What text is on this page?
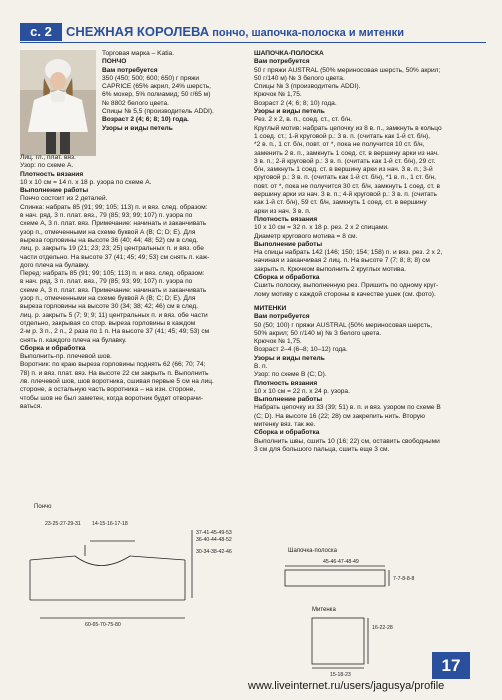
с. 2	СНЕЖНАЯ КОРОЛЕВА пончо, шапочка-полоска и митенки

Торговая марка – Katia.

ПОНЧО

Вам потребуется

350 (450; 500; 600; 650) г пряжи

CAPRICE (65% акрил, 24% шерсть,

6% мохер, 5% полиамид; 50 г/65 м)

№ 8802 белого цвета.

Спицы № 5,5 (производитель ADDI).

Возраст 2 (4; 6; 8; 10) года.

Узоры и виды петель

Лиц. гл., плат. вяз.

Узор: по схеме А.

Плотность вязания

10 х 10 см = 14 п. х 18 р. узора по схеме А.

Выполнение работы

Пончо состоит из 2 деталей.

Спинка: набрать 85 (91; 99; 105; 113) п. и вяз. след. образом:

в нач. ряд. 3 п. плат. вяз., 79 (85; 93; 99; 107) п. узора по

схеме А, 3 п. плат. вяз. Примечание: начинать и заканчивать

узор п., отмеченными на схеме буквой А (В; С; D; E). Для

выреза горловины на высоте 36 (40; 44; 48; 52) см в след.

лиц. р. закрыть 19 (21; 23; 23; 25) центральных п. и вяз. обе

части отдельно. На высоте 37 (41; 45; 49; 53) см снять п. каж-

дого плеча на булавку.

Перед: набрать 85 (91; 99; 105; 113) п. и вяз. след. образом:

в нач. ряд. 3 п. плат. вяз., 79 (85; 93; 99; 107) п. узора по

схеме А, 3 п. плат. вяз. Примечание: начинать и заканчивать

узор п., отмеченными на схеме буквой А (В; С; D; E). Для

выреза горловины на высоте 30 (34; 38; 42; 46) см в след.

лиц. р. закрыть 5 (7; 9; 9; 11) центральных п. и вяз. обе части

отдельно, закрывая со стор. выреза горловины в каждом

2-м р. 3 п., 2 п., 2 раза по 1 п. На высоте 37 (41; 45; 49; 53) см

снять п. каждого плеча на булавку.

Сборка и обработка

Выполнить-пр. плечевой шов.

Воротник: по краю выреза горловины поднять 62 (66; 70; 74;

78) п. и вяз. плат. вяз. На высоте 22 см закрыть п. Выполнить

лв. плечевой шов, шов воротника, сшивая первые 5 см на лиц.

стороне, а остальную часть воротника – на изн. стороне,

чтобы шов не был заметен, когда воротник будет отворачи-

ваться.

ШАПОЧКА-ПОЛОСКА

Вам потребуется

50 г пряжи AUSTRAL (50% мериносовая шерсть, 50% акрил;

50 г/140 м) № 3 белого цвета.

Спицы № 3 (производитель ADDI).

Крючок № 1,75.

Возраст 2 (4; 6; 8; 10) года.

Узоры и виды петель

Рез. 2 х 2, в. п., соед. ст., ст. б/н.

Круглый мотив: набрать цепочку из 8 в. п., замкнуть в кольцо

1 соед. ст.; 1-й круговой р.: 3 в. п. (считать как 1-й ст. б/н),

*2 в. п., 1 ст. б/н, повт. от *, пока не получится 10 ст. б/н,

заменить 2 в. п., замкнуть 1 соед. ст. в вершину арки из нач.

3 в. п.; 2-й круговой р.: 3 в. п. (считать как 1-й ст. б/н), 29 ст.

б/н, замкнуть 1 соед. ст. в вершину арки из нач. 3 в. п.; 3-й

круговой р.: 3 в. п. (считать как 1-й ст. б/н), *1 в. п., 1 ст. б/н,

повт. от *, пока не получится 30 ст. б/н, замкнуть 1 соед. ст. в

вершину арки из нач. 3 в. п.; 4-й круговой р.: 3 в. п. (считать

как 1-й ст. б/н), 59 ст. б/н, замкнуть 1 соед. ст. в вершину

арки из нач. 3 в. п.

Плотность вязания

10 х 10 см = 32 п. х 18 р. рез. 2 х 2 спицами.

Диаметр кругового мотива = 8 см.

Выполнение работы

На спицы набрать 142 (146; 150; 154; 158) п. и вяз. рез. 2 х 2,

начиная и заканчивая 2 лиц. п. На высоте 7 (7; 8; 8; 8) см

закрыть п. Крючком выполнить 2 круглых мотива.

Сборка и обработка

Сшить полоску, выполненную рез. Пришить по одному круг-

лому мотиву с каждой стороны в качестве ушек (см. фото).

МИТЕНКИ

Вам потребуется

50 (50; 100) г пряжи AUSTRAL (50% мериносовая шерсть,

50% акрил; 50 г/140 м) № 3 белого цвета.

Крючок № 1,75.

Возраст 2–4 (6–8; 10–12) года.

Узоры и виды петель

В. п.

Узор: по схеме В (С; D).

Плотность вязания

10 х 10 см = 22 п. х 24 р. узора.

Выполнение работы

Набрать цепочку из 33 (39; 51) в. п. и вяз. узором по схеме В

(С; D). На высоте 16 (22; 28) см закрепить нить. Вторую

митенку вяз. так же.

Сборка и обработка

Выполнить швы, сшить 10 (16; 22) см, оставить свободными

3 см для большого пальца, сшить еще 3 см.

Пончо
23-25-27-29-31 14-15-16-17-18
37-41-45-49-53
36-40-44-48-52
30-34-38-42-46
60-65-70-75-80
Шапочка-полоска
45-46-47-48-49
7-7-8-8-8
Митенка
16-22-28
15-18-23	17
www.liveinternet.ru/users/jagusya/profile
